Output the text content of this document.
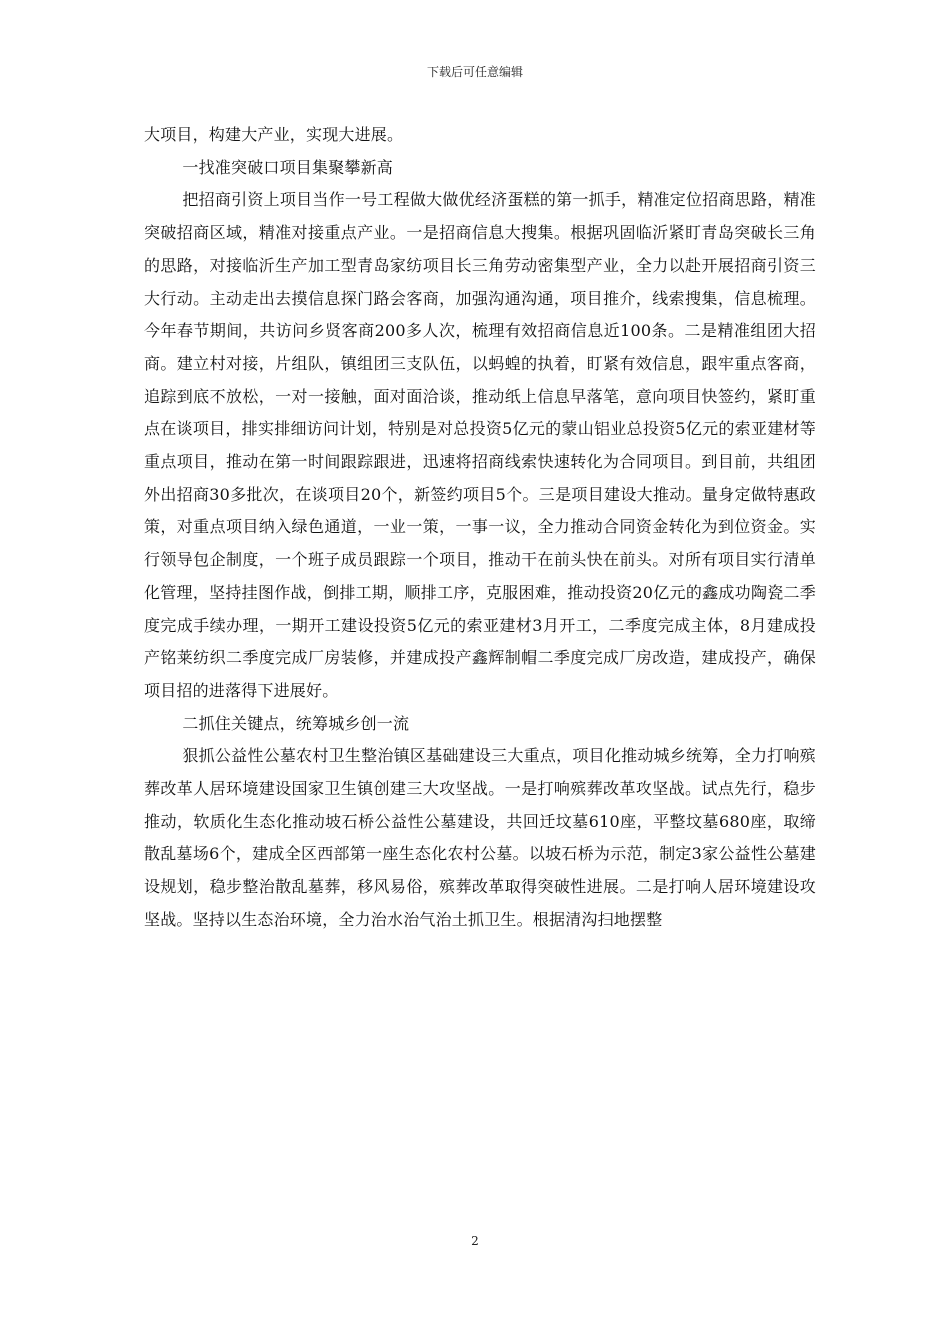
下载后可任意编辑

大项目，构建大产业，实现大进展。

一找准突破口项目集聚攀新高

把招商引资上项目当作一号工程做大做优经济蛋糕的第一抓手，精准定位招商思路，精准突破招商区域，精准对接重点产业。一是招商信息大搜集。根据巩固临沂紧盯青岛突破长三角的思路，对接临沂生产加工型青岛家纺项目长三角劳动密集型产业，全力以赴开展招商引资三大行动。主动走出去摸信息探门路会客商，加强沟通沟通，项目推介，线索搜集，信息梳理。今年春节期间，共访问乡贤客商200多人次，梳理有效招商信息近100条。二是精准组团大招商。建立村对接，片组队，镇组团三支队伍，以蚂蝗的执着，盯紧有效信息，跟牢重点客商，追踪到底不放松，一对一接触，面对面洽谈，推动纸上信息早落笔，意向项目快签约，紧盯重点在谈项目，排实排细访问计划，特别是对总投资5亿元的蒙山铝业总投资5亿元的索亚建材等重点项目，推动在第一时间跟踪跟进，迅速将招商线索快速转化为合同项目。到目前，共组团外出招商30多批次，在谈项目20个，新签约项目5个。三是项目建设大推动。量身定做特惠政策，对重点项目纳入绿色通道，一业一策，一事一议，全力推动合同资金转化为到位资金。实行领导包企制度，一个班子成员跟踪一个项目，推动干在前头快在前头。对所有项目实行清单化管理，坚持挂图作战，倒排工期，顺排工序，克服困难，推动投资20亿元的鑫成功陶瓷二季度完成手续办理，一期开工建设投资5亿元的索亚建材3月开工，二季度完成主体，8月建成投产铭莱纺织二季度完成厂房装修，并建成投产鑫辉制帽二季度完成厂房改造，建成投产，确保项目招的进落得下进展好。

二抓住关键点，统筹城乡创一流

狠抓公益性公墓农村卫生整治镇区基础建设三大重点，项目化推动城乡统筹，全力打响殡葬改革人居环境建设国家卫生镇创建三大攻坚战。一是打响殡葬改革攻坚战。试点先行，稳步推动，软质化生态化推动坡石桥公益性公墓建设，共回迁坟墓610座，平整坟墓680座，取缔散乱墓场6个，建成全区西部第一座生态化农村公墓。以坡石桥为示范，制定3家公益性公墓建设规划，稳步整治散乱墓葬，移风易俗，殡葬改革取得突破性进展。二是打响人居环境建设攻坚战。坚持以生态治环境，全力治水治气治土抓卫生。根据清沟扫地摆整

2
